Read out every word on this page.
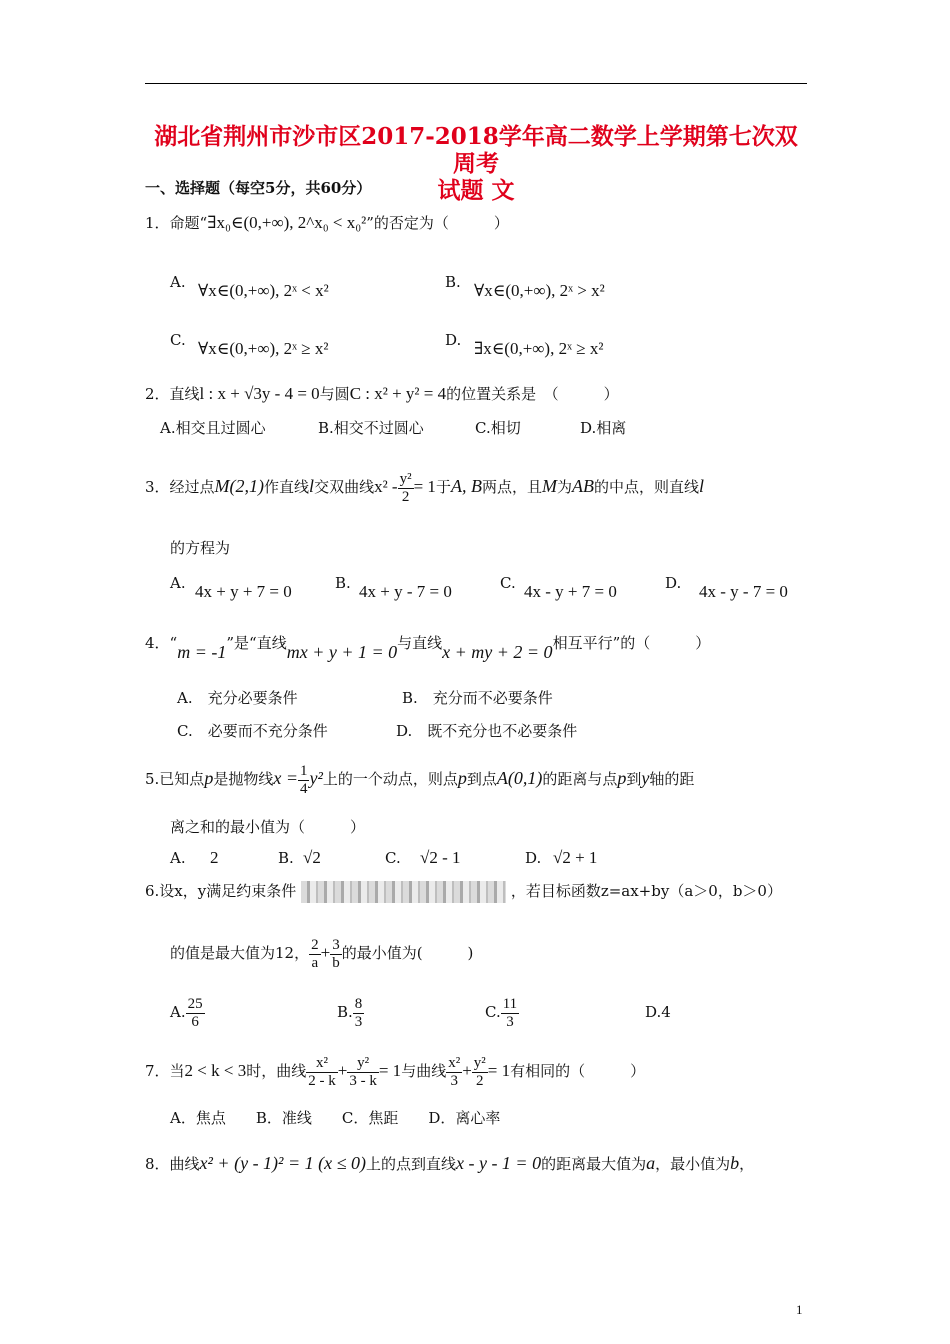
湖北省荆州市沙市区2017-2018学年高二数学上学期第七次双周考
试题 文
一、选择题（每空5分，共60分）
1．命题“∃x₀∈(0,+∞), 2^x₀ < x₀²”的否定为（　　　）
A. ∀x∈(0,+∞), 2ˣ < x²	B. ∀x∈(0,+∞), 2ˣ > x²
C. ∀x∈(0,+∞), 2ˣ ≥ x²	D. ∃x∈(0,+∞), 2ˣ ≥ x²
2．直线l : x + √3y - 4 = 0与圆C : x² + y² = 4的位置关系是　（　　　）
A.相交且过圆心	B.相交不过圆心	C.相切	D.相离
3．经过点M(2,1)作直线l交双曲线$x^2 - \frac{\text{y²}}{2} = 1$于A, B两点，且M为AB的中点，则直线l
的方程为
A. 4x + y + 7 = 0	B. 4x + y - 7 = 0	C. 4x - y + 7 = 0	D. 4x - y - 7 = 0
4．“m = -1”是“直线mx + y + 1 = 0与直线x + my + 2 = 0相互平行”的（　　　）
A.　充分必要条件	B.　充分而不必要条件
C.　必要而不充分条件	D.　既不充分也不必要条件
5.已知点p是抛物线$x = \frac{1}{4} y^2$上的一个动点，则点p到点A(0,1)的距离与点p到y轴的距
离之和的最小值为（　　　）
A. 2	B. √2	C. √2 - 1	D. √2 + 1
6.设x，y满足约束条件	，若目标函数z=ax+by（a＞0，b＞0）
的值是最大值为12， $\frac{2}{a} + \frac{3}{b}$ 的最小值为(　　　)
A. $\frac{25}{6}$	B. $\frac{8}{3}$	C. $\frac{11}{3}$	D.4
7．当2 < k < 3时，曲线 $\frac{\text{x²}}{2 - k} + \frac{\text{y²}}{3 - k} = 1$与曲线 $\frac{\text{x²}}{3} + \frac{\text{y²}}{2} = 1$有相同的（　　　）
A．焦点　　B．准线　　C．焦距　　D．离心率
8．曲线x² + (y - 1)² = 1 (x ≤ 0)上的点到直线x - y - 1 = 0的距离最大值为a，最小值为b，
1
